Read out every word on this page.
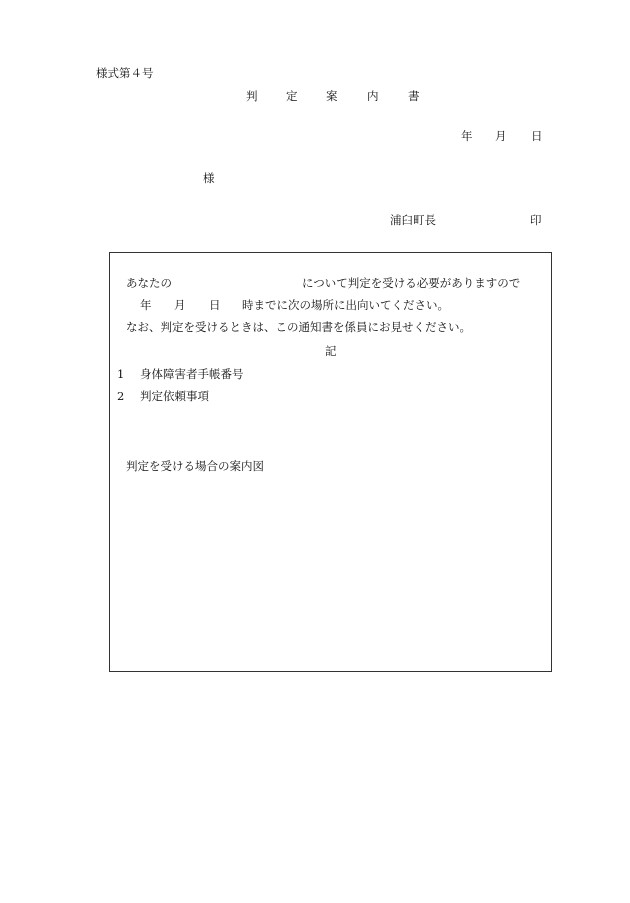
様式第４号
判 定 案	内	書
年 月 日
様
浦臼町長	印
あなたの	について判定を受ける必要がありますので
年 月 日 時までに次の場所に出向いてください。
なお、判定を受けるときは、この通知書を係員にお見せください。
記
1 身体障害者手帳番号
2 判定依頼事項
判定を受ける場合の案内図
